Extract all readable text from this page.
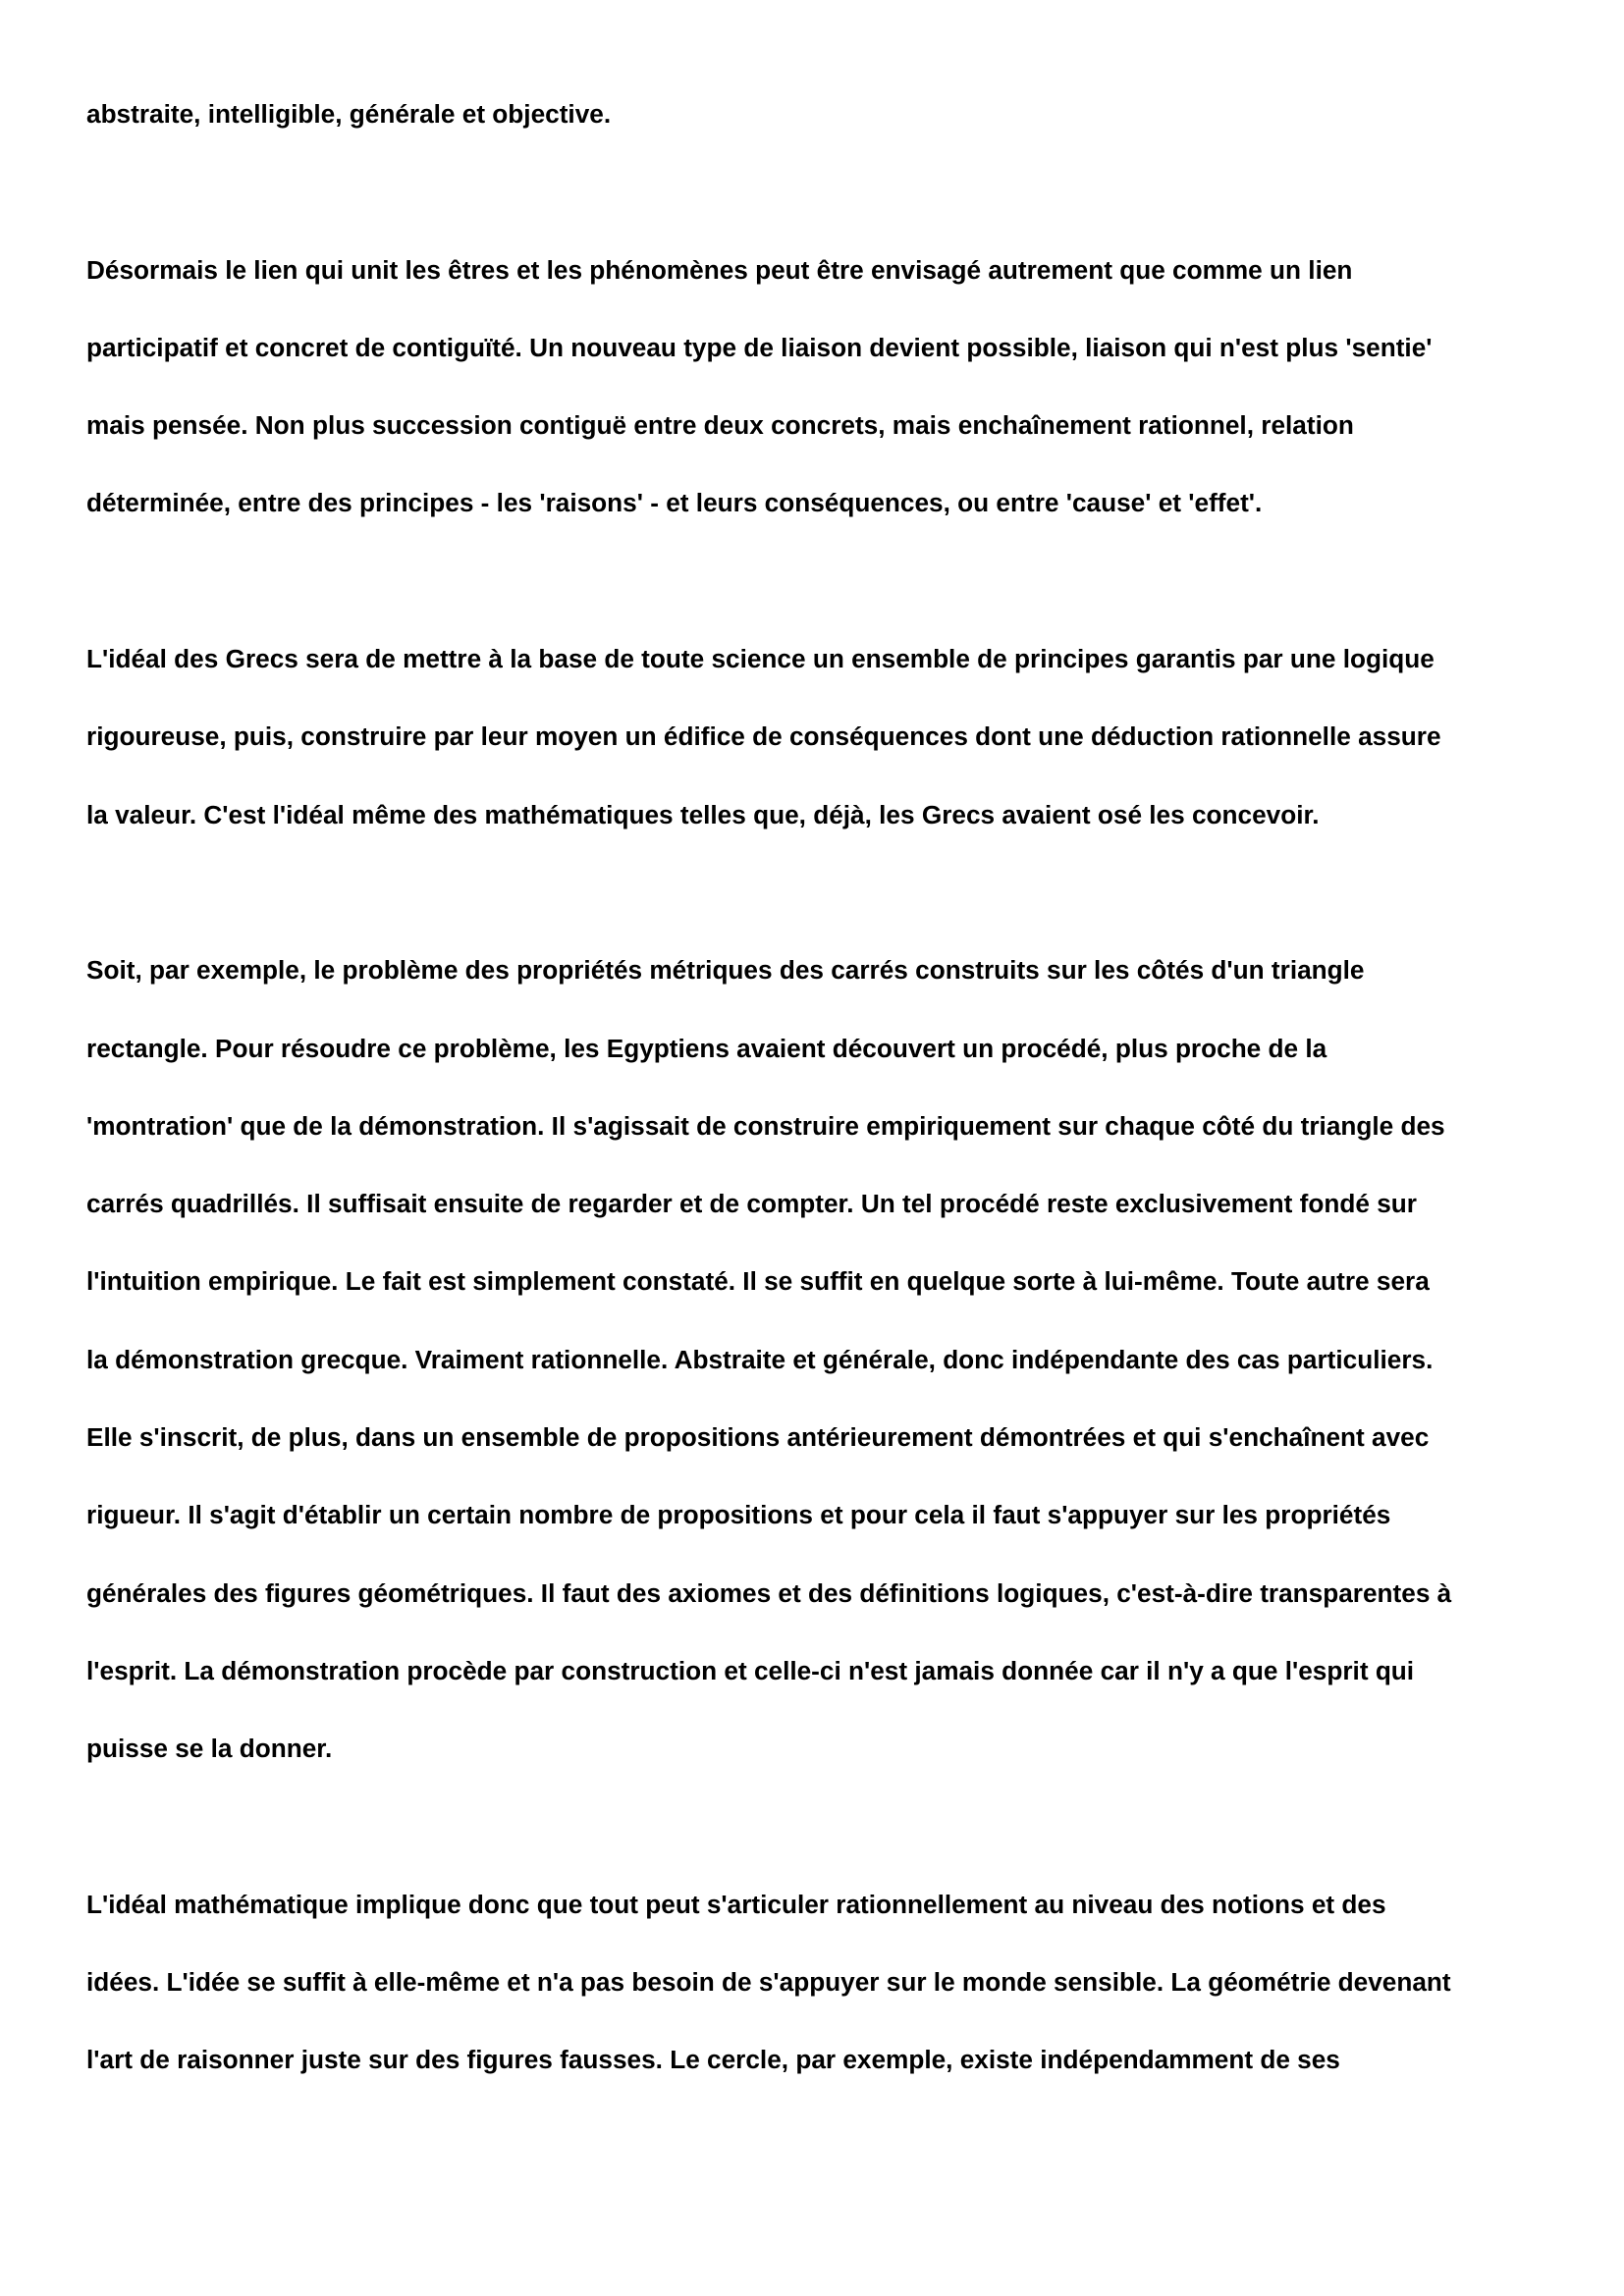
abstraite, intelligible, générale et objective.
Désormais le lien qui unit les êtres et les phénomènes peut être envisagé autrement que comme un lien
participatif et concret de contiguïté. Un nouveau type de liaison devient possible, liaison qui n'est plus 'sentie'
mais pensée. Non plus succession contiguë entre deux concrets, mais enchaînement rationnel, relation
déterminée, entre des principes - les 'raisons' - et leurs conséquences, ou entre 'cause' et 'effet'.
L'idéal des Grecs sera de mettre à la base de toute science un ensemble de principes garantis par une logique
rigoureuse, puis, construire par leur moyen un édifice de conséquences dont une déduction rationnelle assure
la valeur. C'est l'idéal même des mathématiques telles que, déjà, les Grecs avaient osé les concevoir.
Soit, par exemple, le problème des propriétés métriques des carrés construits sur les côtés d'un triangle
rectangle. Pour résoudre ce problème, les Egyptiens avaient découvert un procédé, plus proche de la
'montration' que de la démonstration. Il s'agissait de construire empiriquement sur chaque côté du triangle des
carrés quadrillés. Il suffisait ensuite de regarder et de compter. Un tel procédé reste exclusivement fondé sur
l'intuition empirique. Le fait est simplement constaté. Il se suffit en quelque sorte à lui-même. Toute autre sera
la démonstration grecque. Vraiment rationnelle. Abstraite et générale, donc indépendante des cas particuliers.
Elle s'inscrit, de plus, dans un ensemble de propositions antérieurement démontrées et qui s'enchaînent avec
rigueur. Il s'agit d'établir un certain nombre de propositions et pour cela il faut s'appuyer sur les propriétés
générales des figures géométriques. Il faut des axiomes et des définitions logiques, c'est-à-dire transparentes à
l'esprit. La démonstration procède par construction et celle-ci n'est jamais donnée car il n'y a que l'esprit qui
puisse se la donner.
L'idéal mathématique implique donc que tout peut s'articuler rationnellement au niveau des notions et des
idées. L'idée se suffit à elle-même et n'a pas besoin de s'appuyer sur le monde sensible. La géométrie devenant
l'art de raisonner juste sur des figures fausses. Le cercle, par exemple, existe indépendamment de ses
